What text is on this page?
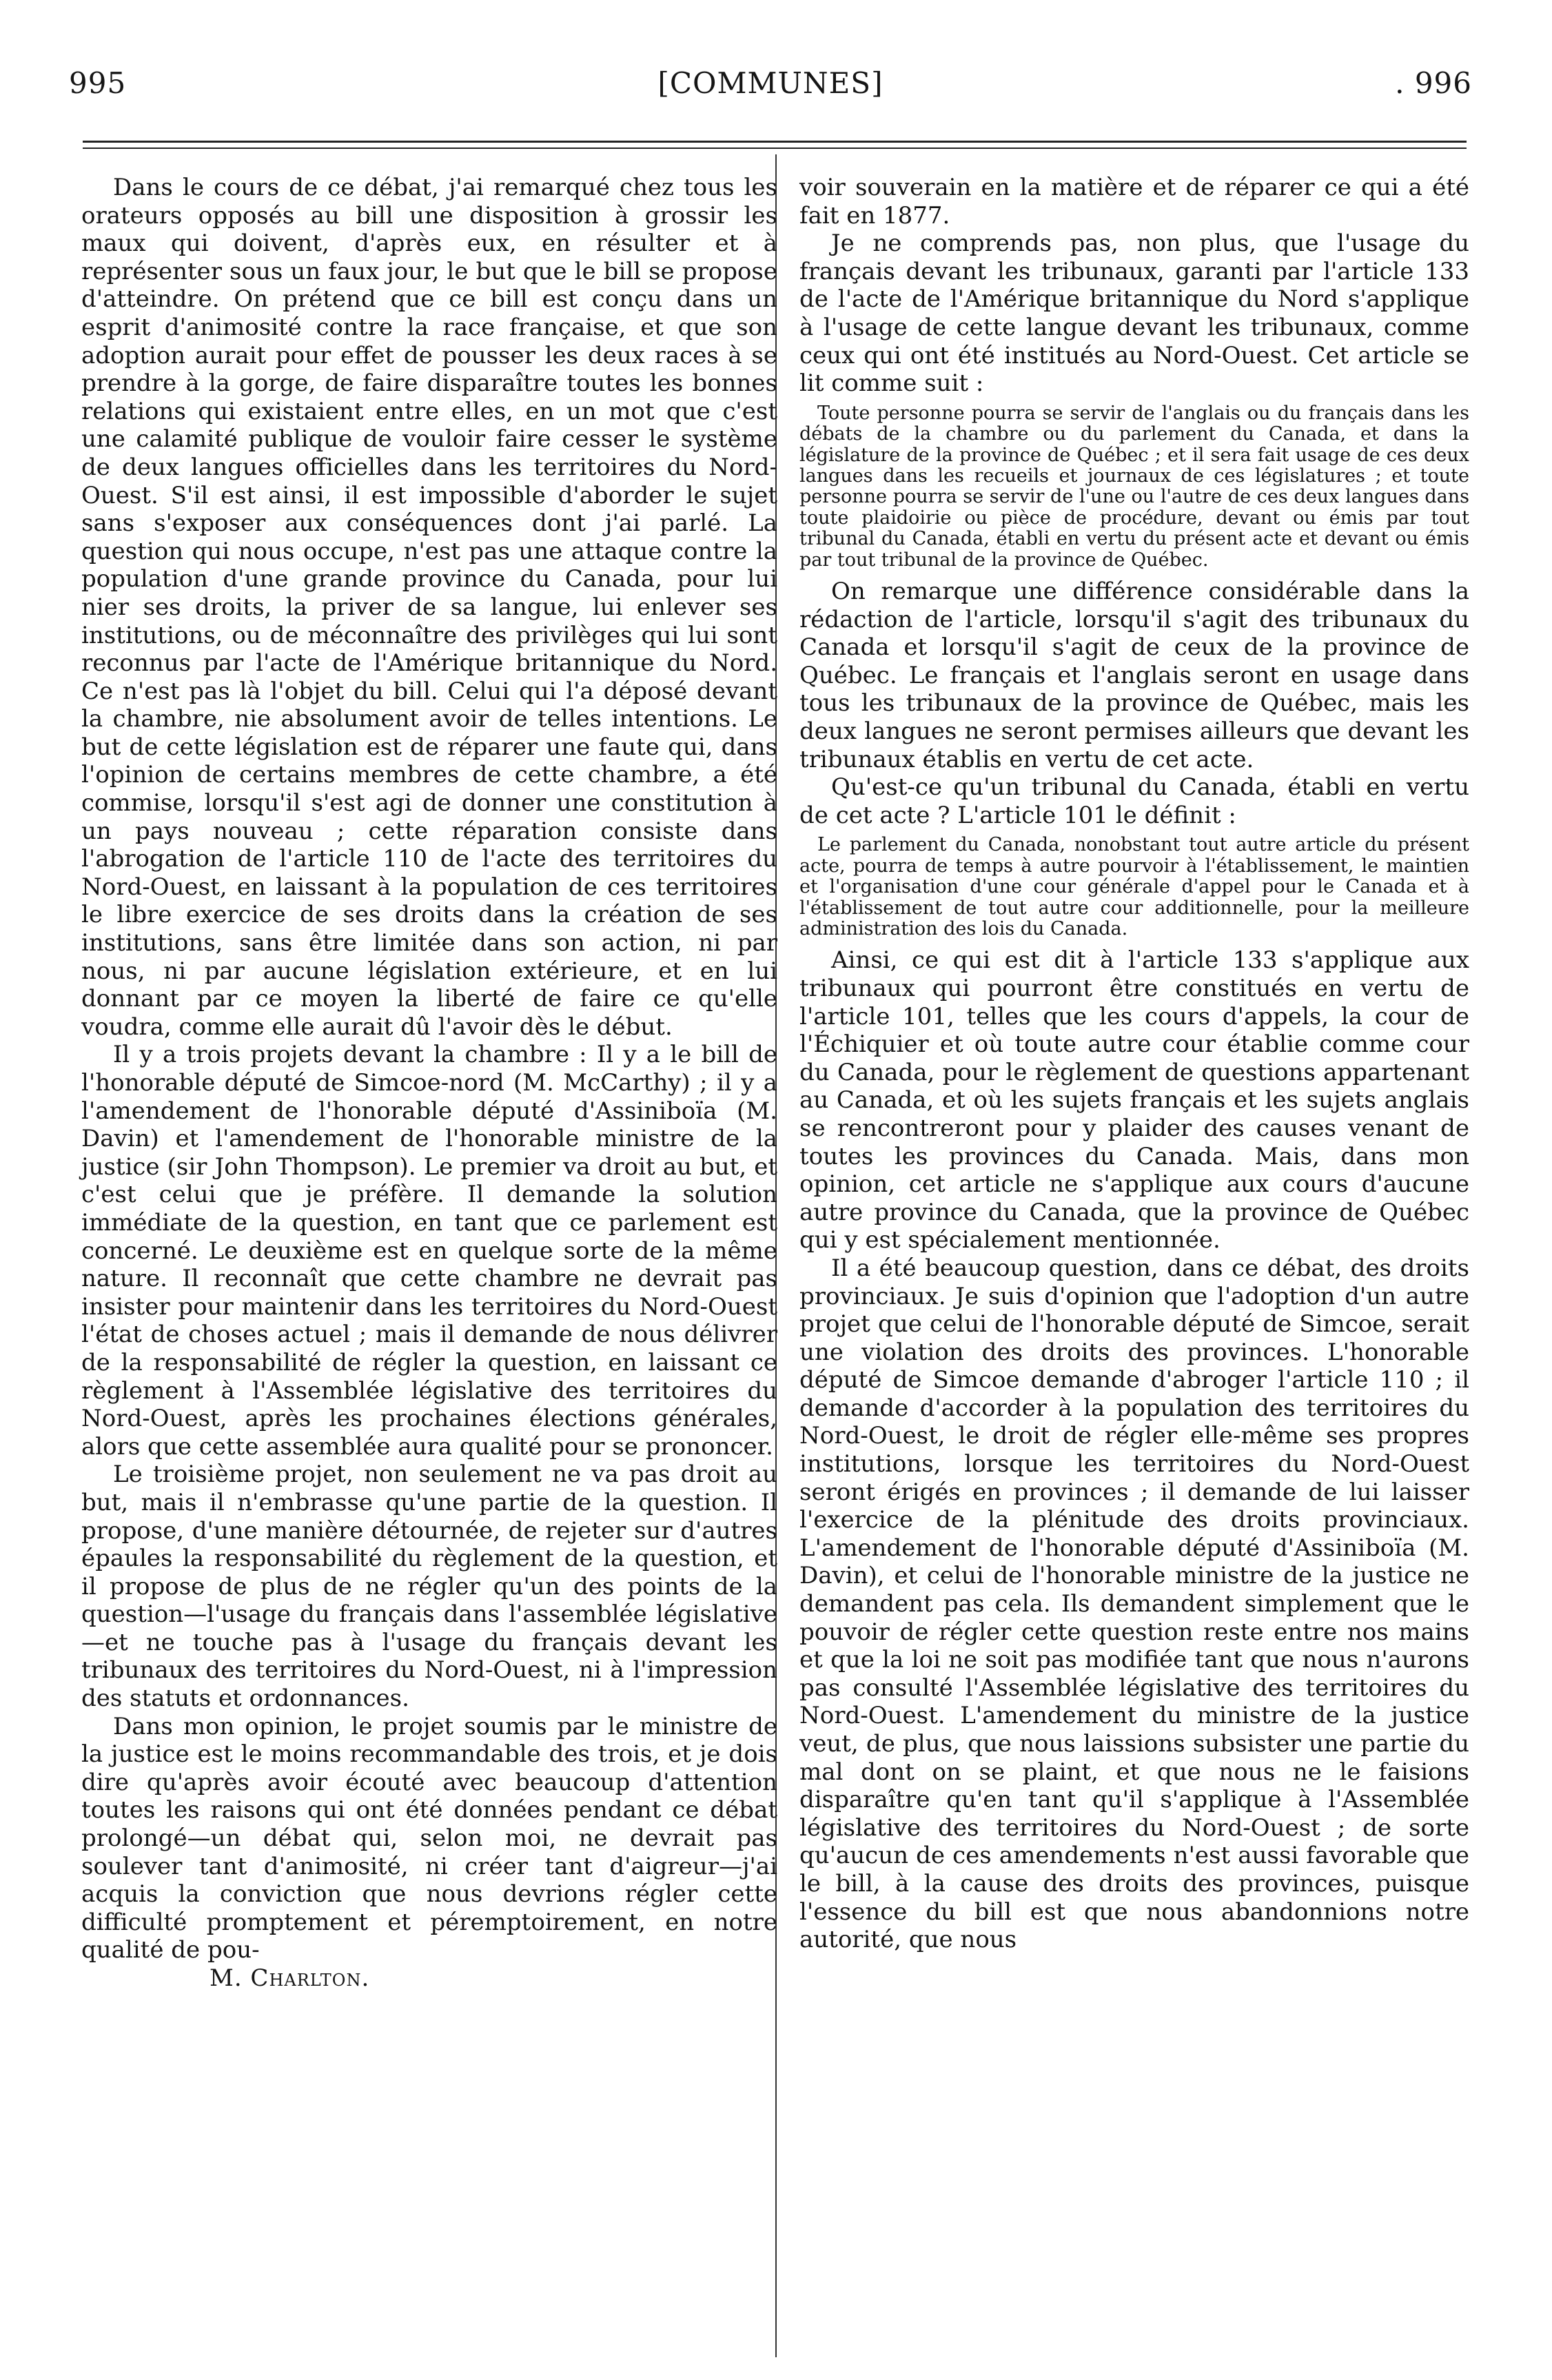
995	[COMMUNES]	. 996

Dans le cours de ce débat, j'ai remarqué chez tous les orateurs opposés au bill une disposition à grossir les maux qui doivent, d'après eux, en résulter et à représenter sous un faux jour, le but que le bill se propose d'atteindre. On prétend que ce bill est conçu dans un esprit d'animosité contre la race française, et que son adoption aurait pour effet de pousser les deux races à se prendre à la gorge, de faire disparaître toutes les bonnes relations qui existaient entre elles, en un mot que c'est une calamité publique de vouloir faire cesser le système de deux langues officielles dans les territoires du Nord-Ouest. S'il est ainsi, il est impossible d'aborder le sujet sans s'exposer aux conséquences dont j'ai parlé. La question qui nous occupe, n'est pas une attaque contre la population d'une grande province du Canada, pour lui nier ses droits, la priver de sa langue, lui enlever ses institutions, ou de méconnaître des privilèges qui lui sont reconnus par l'acte de l'Amérique britannique du Nord. Ce n'est pas là l'objet du bill. Celui qui l'a déposé devant la chambre, nie absolument avoir de telles intentions. Le but de cette législation est de réparer une faute qui, dans l'opinion de certains membres de cette chambre, a été commise, lorsqu'il s'est agi de donner une constitution à un pays nouveau ; cette réparation consiste dans l'abrogation de l'article 110 de l'acte des territoires du Nord-Ouest, en laissant à la population de ces territoires le libre exercice de ses droits dans la création de ses institutions, sans être limitée dans son action, ni par nous, ni par aucune législation extérieure, et en lui donnant par ce moyen la liberté de faire ce qu'elle voudra, comme elle aurait dû l'avoir dès le début.

Il y a trois projets devant la chambre : Il y a le bill de l'honorable député de Simcoe-nord (M. McCarthy) ; il y a l'amendement de l'honorable député d'Assiniboïa (M. Davin) et l'amendement de l'honorable ministre de la justice (sir John Thompson). Le premier va droit au but, et c'est celui que je préfère. Il demande la solution immédiate de la question, en tant que ce parlement est concerné. Le deuxième est en quelque sorte de la même nature. Il reconnaît que cette chambre ne devrait pas insister pour maintenir dans les territoires du Nord-Ouest l'état de choses actuel ; mais il demande de nous délivrer de la responsabilité de régler la question, en laissant ce règlement à l'Assemblée législative des territoires du Nord-Ouest, après les prochaines élections générales, alors que cette assemblée aura qualité pour se prononcer.

Le troisième projet, non seulement ne va pas droit au but, mais il n'embrasse qu'une partie de la question. Il propose, d'une manière détournée, de rejeter sur d'autres épaules la responsabilité du règlement de la question, et il propose de plus de ne régler qu'un des points de la question—l'usage du français dans l'assemblée législative—et ne touche pas à l'usage du français devant les tribunaux des territoires du Nord-Ouest, ni à l'impression des statuts et ordonnances.

Dans mon opinion, le projet soumis par le ministre de la justice est le moins recommandable des trois, et je dois dire qu'après avoir écouté avec beaucoup d'attention toutes les raisons qui ont été données pendant ce débat prolongé—un débat qui, selon moi, ne devrait pas soulever tant d'animosité, ni créer tant d'aigreur—j'ai acquis la conviction que nous devrions régler cette difficulté promptement et péremptoirement, en notre qualité de pou-

M. Charlton.

voir souverain en la matière et de réparer ce qui a été fait en 1877.

Je ne comprends pas, non plus, que l'usage du français devant les tribunaux, garanti par l'article 133 de l'acte de l'Amérique britannique du Nord s'applique à l'usage de cette langue devant les tribunaux, comme ceux qui ont été institués au Nord-Ouest. Cet article se lit comme suit :

Toute personne pourra se servir de l'anglais ou du français dans les débats de la chambre ou du parlement du Canada, et dans la législature de la province de Québec ; et il sera fait usage de ces deux langues dans les recueils et journaux de ces législatures ; et toute personne pourra se servir de l'une ou l'autre de ces deux langues dans toute plaidoirie ou pièce de procédure, devant ou émis par tout tribunal du Canada, établi en vertu du présent acte et devant ou émis par tout tribunal de la province de Québec.

On remarque une différence considérable dans la rédaction de l'article, lorsqu'il s'agit des tribunaux du Canada et lorsqu'il s'agit de ceux de la province de Québec. Le français et l'anglais seront en usage dans tous les tribunaux de la province de Québec, mais les deux langues ne seront permises ailleurs que devant les tribunaux établis en vertu de cet acte.

Qu'est-ce qu'un tribunal du Canada, établi en vertu de cet acte ? L'article 101 le définit :

Le parlement du Canada, nonobstant tout autre article du présent acte, pourra de temps à autre pourvoir à l'établissement, le maintien et l'organisation d'une cour générale d'appel pour le Canada et à l'établissement de tout autre cour additionnelle, pour la meilleure administration des lois du Canada.

Ainsi, ce qui est dit à l'article 133 s'applique aux tribunaux qui pourront être constitués en vertu de l'article 101, telles que les cours d'appels, la cour de l'Échiquier et où toute autre cour établie comme cour du Canada, pour le règlement de questions appartenant au Canada, et où les sujets français et les sujets anglais se rencontreront pour y plaider des causes venant de toutes les provinces du Canada. Mais, dans mon opinion, cet article ne s'applique aux cours d'aucune autre province du Canada, que la province de Québec qui y est spécialement mentionnée.

Il a été beaucoup question, dans ce débat, des droits provinciaux. Je suis d'opinion que l'adoption d'un autre projet que celui de l'honorable député de Simcoe, serait une violation des droits des provinces. L'honorable député de Simcoe demande d'abroger l'article 110 ; il demande d'accorder à la population des territoires du Nord-Ouest, le droit de régler elle-même ses propres institutions, lorsque les territoires du Nord-Ouest seront érigés en provinces ; il demande de lui laisser l'exercice de la plénitude des droits provinciaux. L'amendement de l'honorable député d'Assiniboïa (M. Davin), et celui de l'honorable ministre de la justice ne demandent pas cela. Ils demandent simplement que le pouvoir de régler cette question reste entre nos mains et que la loi ne soit pas modifiée tant que nous n'aurons pas consulté l'Assemblée législative des territoires du Nord-Ouest. L'amendement du ministre de la justice veut, de plus, que nous laissions subsister une partie du mal dont on se plaint, et que nous ne le faisions disparaître qu'en tant qu'il s'applique à l'Assemblée législative des territoires du Nord-Ouest ; de sorte qu'aucun de ces amendements n'est aussi favorable que le bill, à la cause des droits des provinces, puisque l'essence du bill est que nous abandonnions notre autorité, que nous
